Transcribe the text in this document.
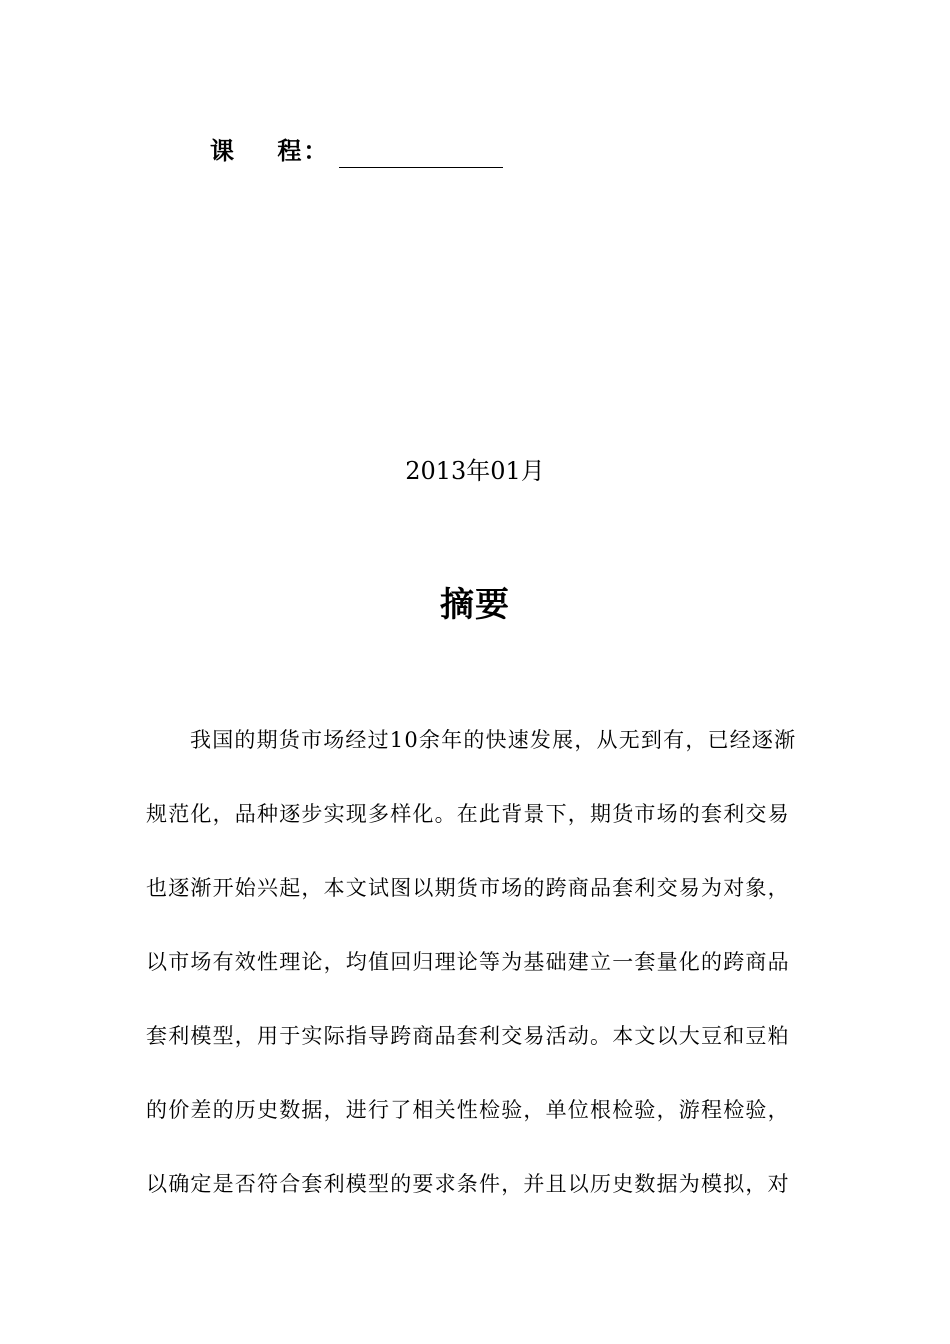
课    程：
2013年01月
摘要
我国的期货市场经过10余年的快速发展，从无到有，已经逐渐
规范化，品种逐步实现多样化。在此背景下，期货市场的套利交易
也逐渐开始兴起，本文试图以期货市场的跨商品套利交易为对象，
以市场有效性理论，均值回归理论等为基础建立一套量化的跨商品
套利模型，用于实际指导跨商品套利交易活动。本文以大豆和豆粕
的价差的历史数据，进行了相关性检验，单位根检验，游程检验，
以确定是否符合套利模型的要求条件，并且以历史数据为模拟，对
